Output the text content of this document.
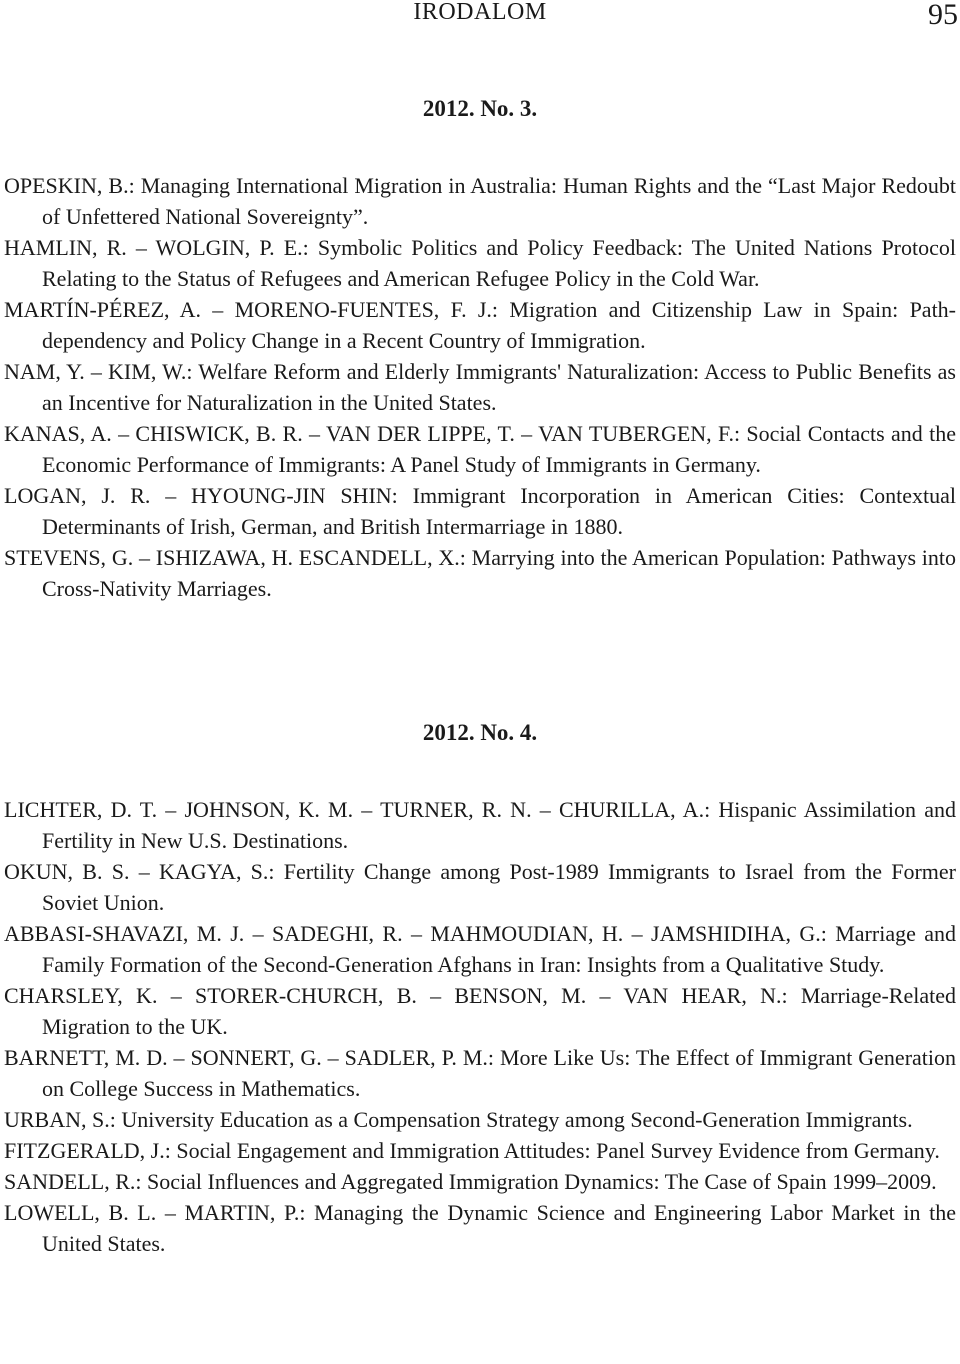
IRODALOM	95
2012. No. 3.
OPESKIN, B.: Managing International Migration in Australia: Human Rights and the “Last Major Redoubt of Unfettered National Sovereignty”.
HAMLIN, R. – WOLGIN, P. E.: Symbolic Politics and Policy Feedback: The United Nations Protocol Relating to the Status of Refugees and American Refugee Policy in the Cold War.
MARTÍN-PÉREZ, A. – MORENO-FUENTES, F. J.: Migration and Citizenship Law in Spain: Path-dependency and Policy Change in a Recent Country of Immigration.
NAM, Y. – KIM, W.: Welfare Reform and Elderly Immigrants' Naturalization: Access to Public Benefits as an Incentive for Naturalization in the United States.
KANAS, A. – CHISWICK, B. R. – VAN DER LIPPE, T. – VAN TUBERGEN, F.: Social Contacts and the Economic Performance of Immigrants: A Panel Study of Immigrants in Germany.
LOGAN, J. R. – HYOUNG-JIN SHIN: Immigrant Incorporation in American Cities: Contextual Determinants of Irish, German, and British Intermarriage in 1880.
STEVENS, G. – ISHIZAWA, H. ESCANDELL, X.: Marrying into the American Population: Pathways into Cross-Nativity Marriages.
2012. No. 4.
LICHTER, D. T. – JOHNSON, K. M. – TURNER, R. N. – CHURILLA, A.: Hispanic Assimilation and Fertility in New U.S. Destinations.
OKUN, B. S. – KAGYA, S.: Fertility Change among Post-1989 Immigrants to Israel from the Former Soviet Union.
ABBASI-SHAVAZI, M. J. – SADEGHI, R. – MAHMOUDIAN, H. – JAMSHIDIHA, G.: Marriage and Family Formation of the Second-Generation Afghans in Iran: Insights from a Qualitative Study.
CHARSLEY, K. – STORER-CHURCH, B. – BENSON, M. – VAN HEAR, N.: Marriage-Related Migration to the UK.
BARNETT, M. D. – SONNERT, G. – SADLER, P. M.: More Like Us: The Effect of Immigrant Generation on College Success in Mathematics.
URBAN, S.: University Education as a Compensation Strategy among Second-Generation Immigrants.
FITZGERALD, J.: Social Engagement and Immigration Attitudes: Panel Survey Evidence from Germany.
SANDELL, R.: Social Influences and Aggregated Immigration Dynamics: The Case of Spain 1999–2009.
LOWELL, B. L. – MARTIN, P.: Managing the Dynamic Science and Engineering Labor Market in the United States.
